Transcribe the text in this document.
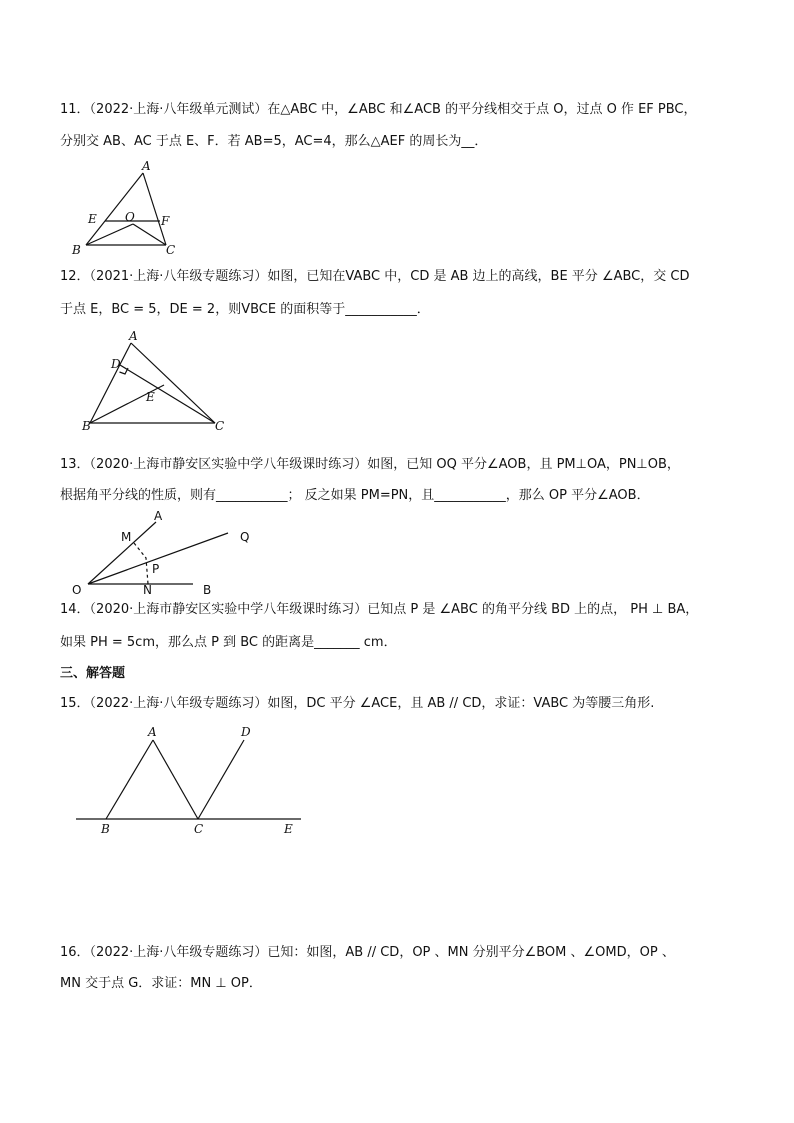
11．（2022·上海·八年级单元测试）在△ABC 中，∠ABC 和∠ACB 的平分线相交于点 O，过点 O 作 EF PBC，
分别交 AB、AC 于点 E、F．若 AB=5，AC=4，那么△AEF 的周长为__．
A
E O F
B	C
12．（2021·上海·八年级专题练习）如图，已知在VABC 中，CD 是 AB 边上的高线，BE 平分 ∠ABC，交 CD
于点 E，BC = 5，DE = 2，则VBCE 的面积等于___________．
A
D
E
B	C
13．（2020·上海市静安区实验中学八年级课时练习）如图，已知 OQ 平分∠AOB，且 PM⊥OA，PN⊥OB，
根据角平分线的性质，则有___________； 反之如果 PM=PN，且___________，那么 OP 平分∠AOB．
A
M	Q
P
O	N	B
14．（2020·上海市静安区实验中学八年级课时练习）已知点 P 是 ∠ABC 的角平分线 BD 上的点， PH ⊥ BA，
如果 PH = 5cm，那么点 P 到 BC 的距离是_______ cm．
三、解答题
15．（2022·上海·八年级专题练习）如图，DC 平分 ∠ACE，且 AB // CD，求证：VABC 为等腰三角形.
A	D
B	C	E
16．（2022·上海·八年级专题练习）已知：如图，AB // CD，OP 、MN 分别平分∠BOM 、∠OMD，OP 、
MN 交于点 G．求证：MN ⊥ OP．
